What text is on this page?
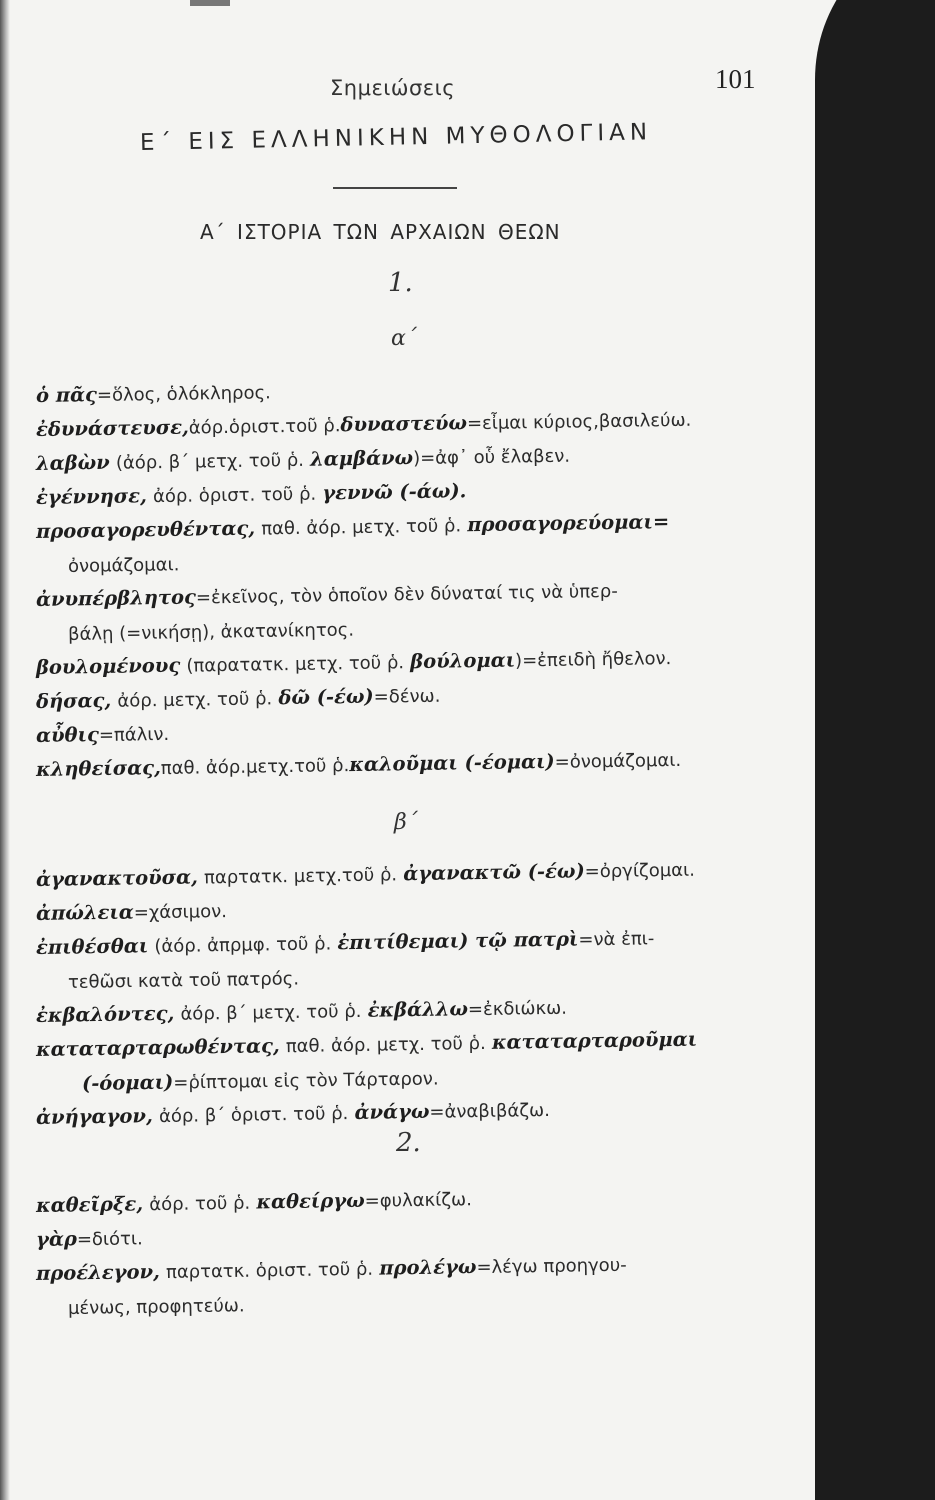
Σημειώσεις	101
Ε΄ ΕΙΣ ΕΛΛΗΝΙΚΗΝ ΜΥΘΟΛΟΓΙΑΝ
Α΄ ΙΣΤΟΡΙΑ ΤΩΝ ΑΡΧΑΙΩΝ ΘΕΩΝ
1.
α΄
β΄
2.
ὁ πᾶς=ὅλος, ὁλόκληρος.
ἐδυνάστευσε,ἀόρ.ὁριστ.τοῦ ῥ.δυναστεύω=εἶμαι κύριος,βασιλεύω.
λαβὼν (ἀόρ. β΄ μετχ. τοῦ ῥ. λαμβάνω)=ἀφ᾽ οὗ ἔλαβεν.
ἐγέννησε, ἀόρ. ὁριστ. τοῦ ῥ. γεννῶ (-άω).
προσαγορευθέντας, παθ. ἀόρ. μετχ. τοῦ ῥ. προσαγορεύομαι=
ὀνομάζομαι.
ἀνυπέρβλητος=ἐκεῖνος, τὸν ὁποῖον δὲν δύναταί τις νὰ ὑπερ-
βάλῃ (=νικήσῃ), ἀκατανίκητος.
βουλομένους (παρατατκ. μετχ. τοῦ ῥ. βούλομαι)=ἐπειδὴ ἤθελον.
δήσας, ἀόρ. μετχ. τοῦ ῥ. δῶ (-έω)=δένω.
αὖθις=πάλιν.
κληθείσας,παθ. ἀόρ.μετχ.τοῦ ῥ.καλοῦμαι (-έομαι)=ὀνομάζομαι.
ἀγανακτοῦσα, παρτατκ. μετχ.τοῦ ῥ. ἀγανακτῶ (-έω)=ὀργίζομαι.
ἀπώλεια=χάσιμον.
ἐπιθέσθαι (ἀόρ. ἀπρμφ. τοῦ ῥ. ἐπιτίθεμαι) τῷ πατρὶ=νὰ ἐπι-
τεθῶσι κατὰ τοῦ πατρός.
ἐκβαλόντες, ἀόρ. β΄ μετχ. τοῦ ῥ. ἐκβάλλω=ἐκδιώκω.
καταταρταρωθέντας, παθ. ἀόρ. μετχ. τοῦ ῥ. καταταρταροῦμαι
(-όομαι)=ῥίπτομαι εἰς τὸν Τάρταρον.
ἀνήγαγον, ἀόρ. β΄ ὁριστ. τοῦ ῥ. ἀνάγω=ἀναβιβάζω.
καθεῖρξε, ἀόρ. τοῦ ῥ. καθείργω=φυλακίζω.
γὰρ=διότι.
προέλεγον, παρτατκ. ὁριστ. τοῦ ῥ. προλέγω=λέγω προηγου-
μένως, προφητεύω.
